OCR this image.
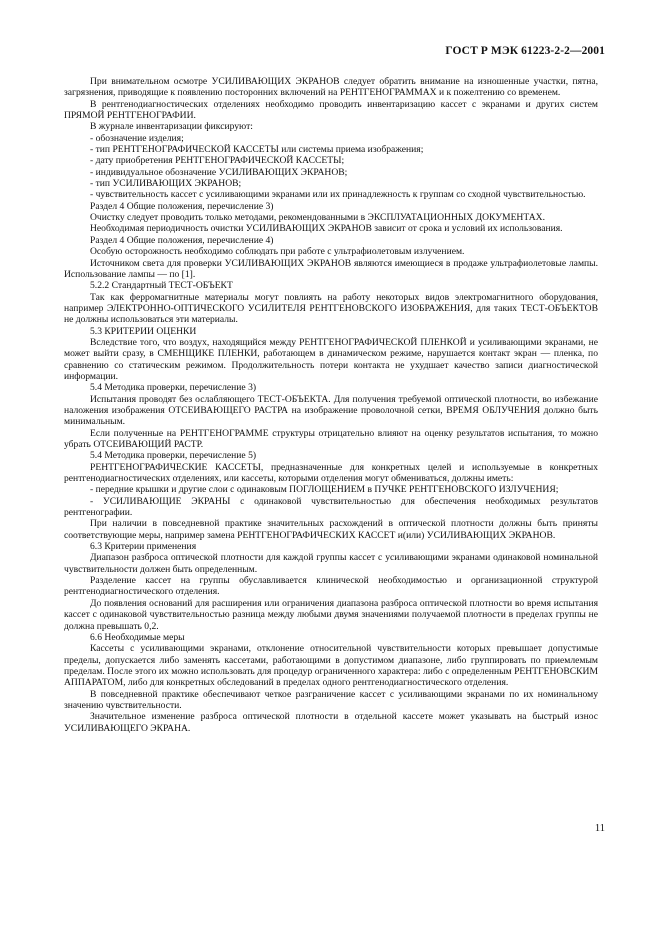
ГОСТ Р МЭК 61223-2-2—2001

При внимательном осмотре УСИЛИВАЮЩИХ ЭКРАНОВ следует обратить внимание на изношенные участки, пятна, загрязнения, приводящие к появлению посторонних включений на РЕНТГЕНОГРАММАХ и к пожелтению со временем.

В рентгенодиагностических отделениях необходимо проводить инвентаризацию кассет с экранами и других систем ПРЯМОЙ РЕНТГЕНОГРАФИИ.

В журнале инвентаризации фиксируют:

- обозначение изделия;

- тип РЕНТГЕНОГРАФИЧЕСКОЙ КАССЕТЫ или системы приема изображения;

- дату приобретения РЕНТГЕНОГРАФИЧЕСКОЙ КАССЕТЫ;

- индивидуальное обозначение УСИЛИВАЮЩИХ ЭКРАНОВ;

- тип УСИЛИВАЮЩИХ ЭКРАНОВ;

- чувствительность кассет с усиливающими экранами или их принадлежность к группам со сходной чувствительностью.

Раздел 4 Общие положения, перечисление 3)

Очистку следует проводить только методами, рекомендованными в ЭКСПЛУАТАЦИОННЫХ ДОКУМЕНТАХ.

Необходимая периодичность очистки УСИЛИВАЮЩИХ ЭКРАНОВ зависит от срока и условий их использования.

Раздел 4 Общие положения, перечисление 4)

Особую осторожность необходимо соблюдать при работе с ультрафиолетовым излучением.

Источником света для проверки УСИЛИВАЮЩИХ ЭКРАНОВ являются имеющиеся в продаже ультрафиолетовые лампы. Использование лампы — по [1].

5.2.2 Стандартный ТЕСТ-ОБЪЕКТ

Так как ферромагнитные материалы могут повлиять на работу некоторых видов электромагнитного оборудования, например ЭЛЕКТРОННО-ОПТИЧЕСКОГО УСИЛИТЕЛЯ РЕНТГЕНОВСКОГО ИЗОБРАЖЕНИЯ, для таких ТЕСТ-ОБЪЕКТОВ не должны использоваться эти материалы.

5.3 КРИТЕРИИ ОЦЕНКИ

Вследствие того, что воздух, находящийся между РЕНТГЕНОГРАФИЧЕСКОЙ ПЛЕНКОЙ и усиливающими экранами, не может выйти сразу, в СМЕНЩИКЕ ПЛЕНКИ, работающем в динамическом режиме, нарушается контакт экран — пленка, по сравнению со статическим режимом. Продолжительность потери контакта не ухудшает качество записи диагностической информации.

5.4 Методика проверки, перечисление 3)

Испытания проводят без ослабляющего ТЕСТ-ОБЪЕКТА. Для получения требуемой оптической плотности, во избежание наложения изображения ОТСЕИВАЮЩЕГО РАСТРА на изображение проволочной сетки, ВРЕМЯ ОБЛУЧЕНИЯ должно быть минимальным.

Если полученные на РЕНТГЕНОГРАММЕ структуры отрицательно влияют на оценку результатов испытания, то можно убрать ОТСЕИВАЮЩИЙ РАСТР.

5.4 Методика проверки, перечисление 5)

РЕНТГЕНОГРАФИЧЕСКИЕ КАССЕТЫ, предназначенные для конкретных целей и используемые в конкретных рентгенодиагностических отделениях, или кассеты, которыми отделения могут обмениваться, должны иметь:

- передние крышки и другие слои с одинаковым ПОГЛОЩЕНИЕМ в ПУЧКЕ РЕНТГЕНОВСКОГО ИЗЛУЧЕНИЯ;

- УСИЛИВАЮЩИЕ ЭКРАНЫ с одинаковой чувствительностью для обеспечения необходимых результатов рентгенографии.

При наличии в повседневной практике значительных расхождений в оптической плотности должны быть приняты соответствующие меры, например замена РЕНТГЕНОГРАФИЧЕСКИХ КАССЕТ и(или) УСИЛИВАЮЩИХ ЭКРАНОВ.

6.3 Критерии применения

Диапазон разброса оптической плотности для каждой группы кассет с усиливающими экранами одинаковой номинальной чувствительности должен быть определенным.

Разделение кассет на группы обуславливается клинической необходимостью и организационной структурой рентгенодиагностического отделения.

До появления оснований для расширения или ограничения диапазона разброса оптической плотности во время испытания кассет с одинаковой чувствительностью разница между любыми двумя значениями получаемой плотности в пределах группы не должна превышать 0,2.

6.6 Необходимые меры

Кассеты с усиливающими экранами, отклонение относительной чувствительности которых превышает допустимые пределы, допускается либо заменять кассетами, работающими в допустимом диапазоне, либо группировать по приемлемым пределам. После этого их можно использовать для процедур ограниченного характера: либо с определенным РЕНТГЕНОВСКИМ АППАРАТОМ, либо для конкретных обследований в пределах одного рентгенодиагностического отделения.

В повседневной практике обеспечивают четкое разграничение кассет с усиливающими экранами по их номинальному значению чувствительности.

Значительное изменение разброса оптической плотности в отдельной кассете может указывать на быстрый износ УСИЛИВАЮЩЕГО ЭКРАНА.

11
